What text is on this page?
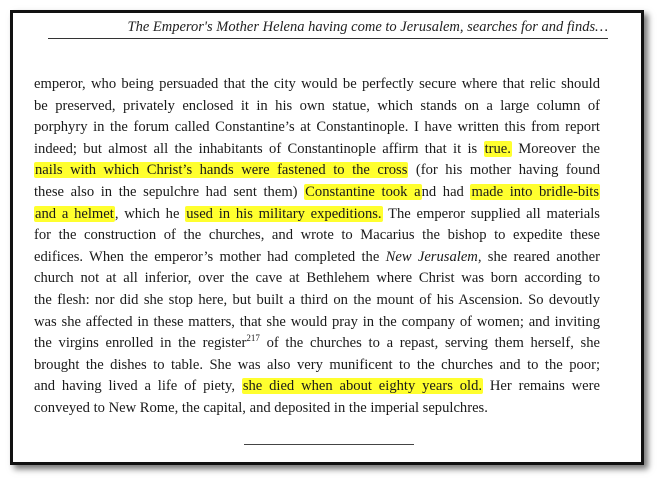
The Emperor's Mother Helena having come to Jerusalem, searches for and finds…
emperor, who being persuaded that the city would be perfectly secure where that relic should
be preserved, privately enclosed it in his own statue, which stands on a large column of
porphyry in the forum called Constantine’s at Constantinople. I have written this from report
indeed; but almost all the inhabitants of Constantinople affirm that it is true. Moreover the
nails with which Christ’s hands were fastened to the cross (for his mother having found
these also in the sepulchre had sent them) Constantine took and had made into bridle-bits
and a helmet, which he used in his military expeditions. The emperor supplied all materials
for the construction of the churches, and wrote to Macarius the bishop to expedite these
edifices. When the emperor’s mother had completed the New Jerusalem, she reared another
church not at all inferior, over the cave at Bethlehem where Christ was born according to
the flesh: nor did she stop here, but built a third on the mount of his Ascension. So devoutly
was she affected in these matters, that she would pray in the company of women; and inviting
the virgins enrolled in the register$^{217}$ of the churches to a repast, serving them herself, she
brought the dishes to table. She was also very munificent to the churches and to the poor;
and having lived a life of piety, she died when about eighty years old. Her remains were
conveyed to New Rome, the capital, and deposited in the imperial sepulchres.
